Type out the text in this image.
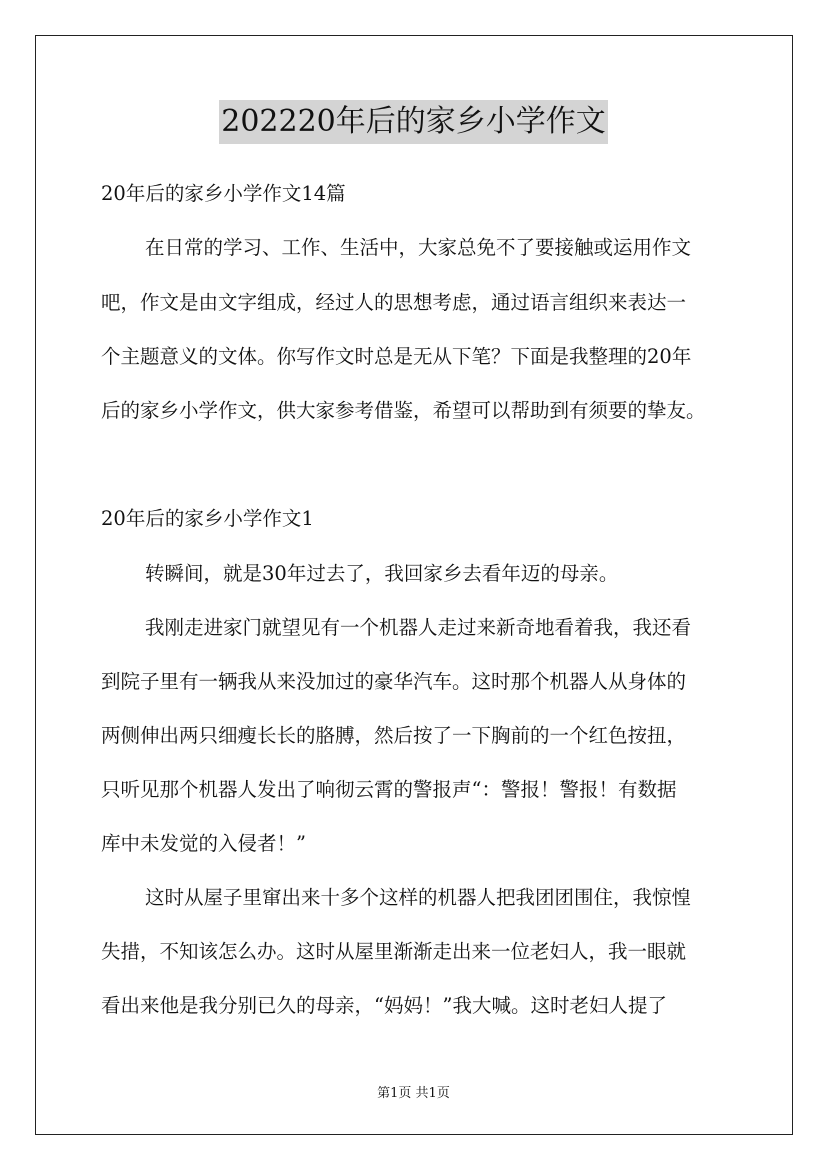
202220年后的家乡小学作文
20年后的家乡小学作文14篇
在日常的学习、工作、生活中，大家总免不了要接触或运用作文
吧，作文是由文字组成，经过人的思想考虑，通过语言组织来表达一
个主题意义的文体。你写作文时总是无从下笔？下面是我整理的20年
后的家乡小学作文，供大家参考借鉴，希望可以帮助到有须要的挚友。
20年后的家乡小学作文1
转瞬间，就是30年过去了，我回家乡去看年迈的母亲。
我刚走进家门就望见有一个机器人走过来新奇地看着我，我还看
到院子里有一辆我从来没加过的豪华汽车。这时那个机器人从身体的
两侧伸出两只细瘦长长的胳膊，然后按了一下胸前的一个红色按扭，
只听见那个机器人发出了响彻云霄的警报声“：警报！警报！有数据
库中未发觉的入侵者！”
这时从屋子里窜出来十多个这样的机器人把我团团围住，我惊惶
失措，不知该怎么办。这时从屋里渐渐走出来一位老妇人，我一眼就
看出来他是我分别已久的母亲，“妈妈！”我大喊。这时老妇人提了
第1页 共1页
